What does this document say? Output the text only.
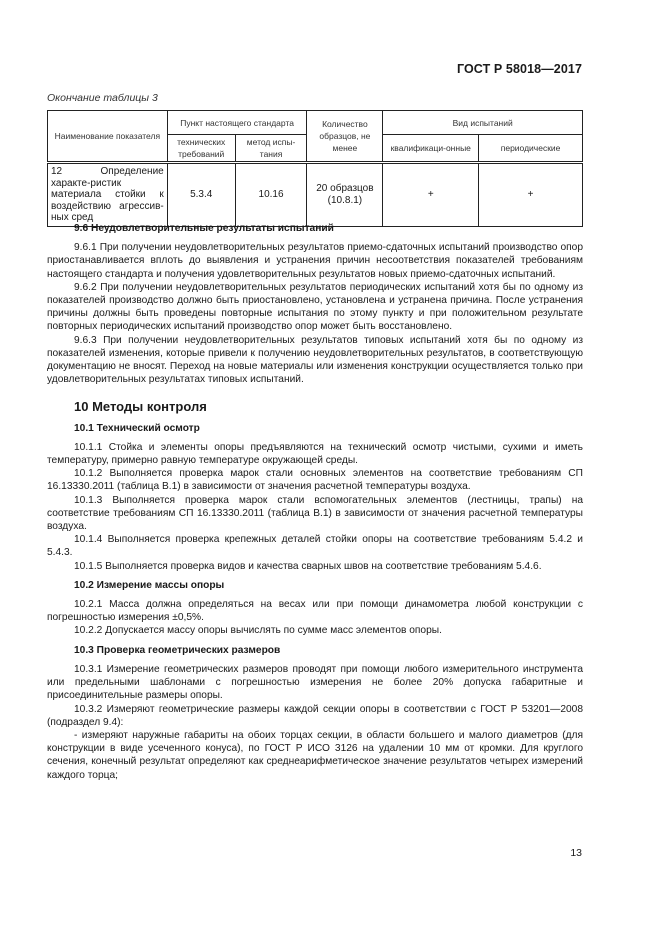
ГОСТ Р 58018—2017
Окончание таблицы 3
Наименование показателя	Пункт настоящего стандарта		Количество образцов, не менее	Вид испытаний	
	технических требований	метод испы-тания		квалификаци-онные	периодические
12 Определение характе-ристик материала стойки к воздействию агрессив-ных сред	5.3.4	10.16	20 образцов (10.8.1)	+	+
9.6 Неудовлетворительные результаты испытаний

9.6.1 При получении неудовлетворительных результатов приемо-сдаточных испытаний производство опор приостанавливается вплоть до выявления и устранения причин несоответствия показателей требованиям настоящего стандарта и получения удовлетворительных результатов новых приемо-сдаточных испытаний.

9.6.2 При получении неудовлетворительных результатов периодических испытаний хотя бы по одному из показателей производство должно быть приостановлено, установлена и устранена причина. После устранения причины должны быть проведены повторные испытания по этому пункту и при положительном результате повторных периодических испытаний производство опор может быть восстановлено.

9.6.3 При получении неудовлетворительных результатов типовых испытаний хотя бы по одному из показателей изменения, которые привели к получению неудовлетворительных результатов, в соответствующую документацию не вносят. Переход на новые материалы или изменения конструкции осуществляется только при удовлетворительных результатах типовых испытаний.

10 Методы контроля
10.1 Технический осмотр

10.1.1 Стойка и элементы опоры предъявляются на технический осмотр чистыми, сухими и иметь температуру, примерно равную температуре окружающей среды.

10.1.2 Выполняется проверка марок стали основных элементов на соответствие требованиям СП 16.13330.2011 (таблица В.1) в зависимости от значения расчетной температуры воздуха.

10.1.3 Выполняется проверка марок стали вспомогательных элементов (лестницы, трапы) на соответствие требованиям СП 16.13330.2011 (таблица В.1) в зависимости от значения расчетной температуры воздуха.

10.1.4 Выполняется проверка крепежных деталей стойки опоры на соответствие требованиям 5.4.2 и 5.4.3.

10.1.5 Выполняется проверка видов и качества сварных швов на соответствие требованиям 5.4.6.

10.2 Измерение массы опоры

10.2.1 Масса должна определяться на весах или при помощи динамометра любой конструкции с погрешностью измерения ±0,5%.

10.2.2 Допускается массу опоры вычислять по сумме масс элементов опоры.

10.3 Проверка геометрических размеров

10.3.1 Измерение геометрических размеров проводят при помощи любого измерительного инструмента или предельными шаблонами с погрешностью измерения не более 20% допуска габаритные и присоединительные размеры опоры.

10.3.2 Измеряют геометрические размеры каждой секции опоры в соответствии с ГОСТ Р 53201—2008 (подраздел 9.4):

- измеряют наружные габариты на обоих торцах секции, в области большего и малого диаметров (для конструкции в виде усеченного конуса), по ГОСТ Р ИСО 3126 на удалении 10 мм от кромки. Для круглого сечения, конечный результат определяют как среднеарифметическое значение результатов четырех измерений каждого торца;

13
